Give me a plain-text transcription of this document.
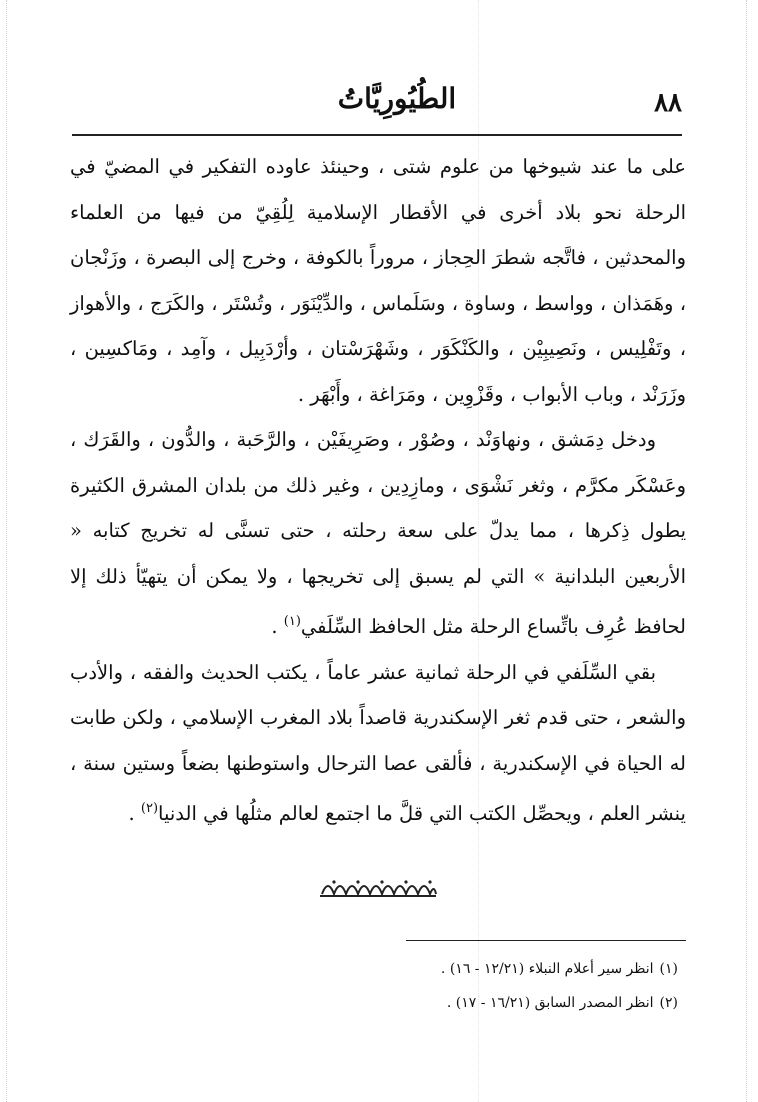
٨٨
الطُيُورِيَّاتُ

على ما عند شيوخها من علوم شتى ، وحينئذ عاوده التفكير في المضيّ في الرحلة نحو بلاد أخرى في الأقطار الإسلامية لِلُقِيّ من فيها من العلماء والمحدثين ، فاتَّجه شطرَ الحِجاز ، مروراً بالكوفة ، وخرج إلى البصرة ، وزَنْجان ، وهَمَذان ، وواسط ، وساوة ، وسَلَماس ، والدِّيْنَوَر ، وتُسْتَر ، والكَرَج ، والأهواز ، وتَفْلِيس ، ونَصِيبِيْن ، والكَنْكَوَر ، وشَهْرَسْتان ، وأرْدَبِيل ، وآمِد ، ومَاكسِين ، وزَرَنْد ، وباب الأبواب ، وقَزْوِين ، ومَرَاغة ، وأَبْهَر .

ودخل دِمَشق ، ونهاوَنْد ، وصُوْر ، وصَرِيفَيْن ، والرَّحَبة ، والدُّون ، والقَرَك ، وعَسْكَر مكرَّم ، وثغر نَشْوَى ، ومازِدِين ، وغير ذلك من بلدان المشرق الكثيرة يطول ذِكرها ، مما يدلّ على سعة رحلته ، حتى تسنَّى له تخريج كتابه « الأربعين البلدانية » التي لم يسبق إلى تخريجها ، ولا يمكن أن يتهيّأ ذلك إلا لحافظ عُرِف باتِّساع الرحلة مثل الحافظ السِّلَفي$^{(١)}$ .

بقي السِّلَفي في الرحلة ثمانية عشر عاماً ، يكتب الحديث والفقه ، والأدب والشعر ، حتى قدم ثغر الإسكندرية قاصداً بلاد المغرب الإسلامي ، ولكن طابت له الحياة في الإسكندرية ، فألقى عصا الترحال واستوطنها بضعاً وستين سنة ، ينشر العلم ، ويحصِّل الكتب التي قلَّ ما اجتمع لعالم مثلُها في الدنيا$^{(٢)}$ .

(١)انظر سير أعلام النبلاء (١٢/٢١ - ١٦) .
(٢)انظر المصدر السابق (١٦/٢١ - ١٧) .
